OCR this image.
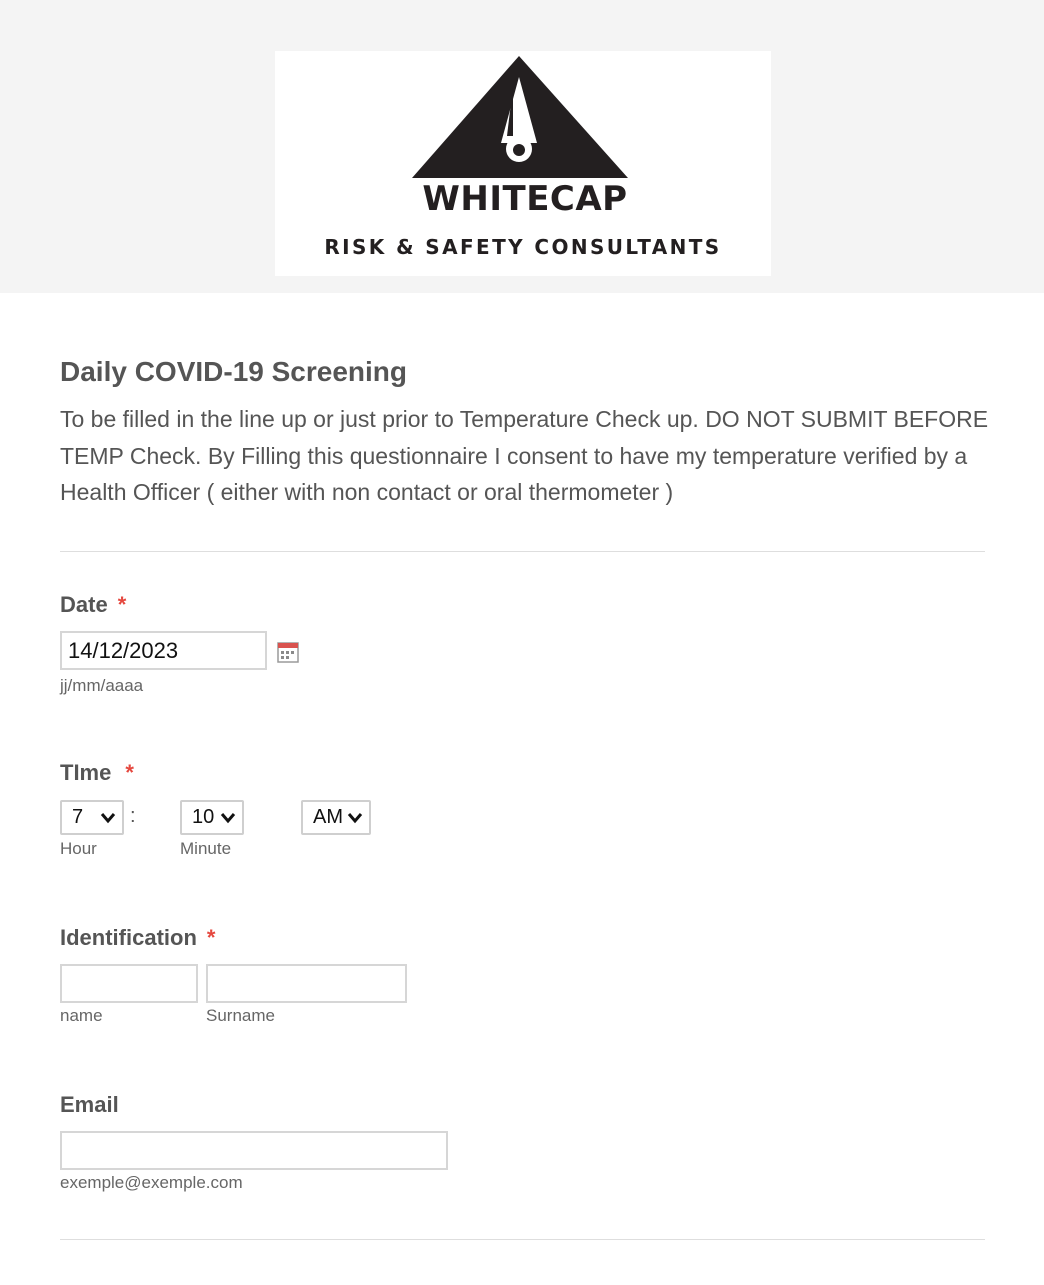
WHITECAP
RISK & SAFETY CONSULTANTS
Daily COVID-19 Screening
To be filled in the line up or just prior to Temperature Check up. DO NOT SUBMIT BEFORE TEMP Check. By Filling this questionnaire I consent to have my temperature verified by a Health Officer ( either with non contact or oral thermometer )
Date *
14/12/2023
jj/mm/aaaa
TIme *
7	:	10	AM
Hour	Minute
Identification *
name	Surname
Email
exemple@exemple.com
